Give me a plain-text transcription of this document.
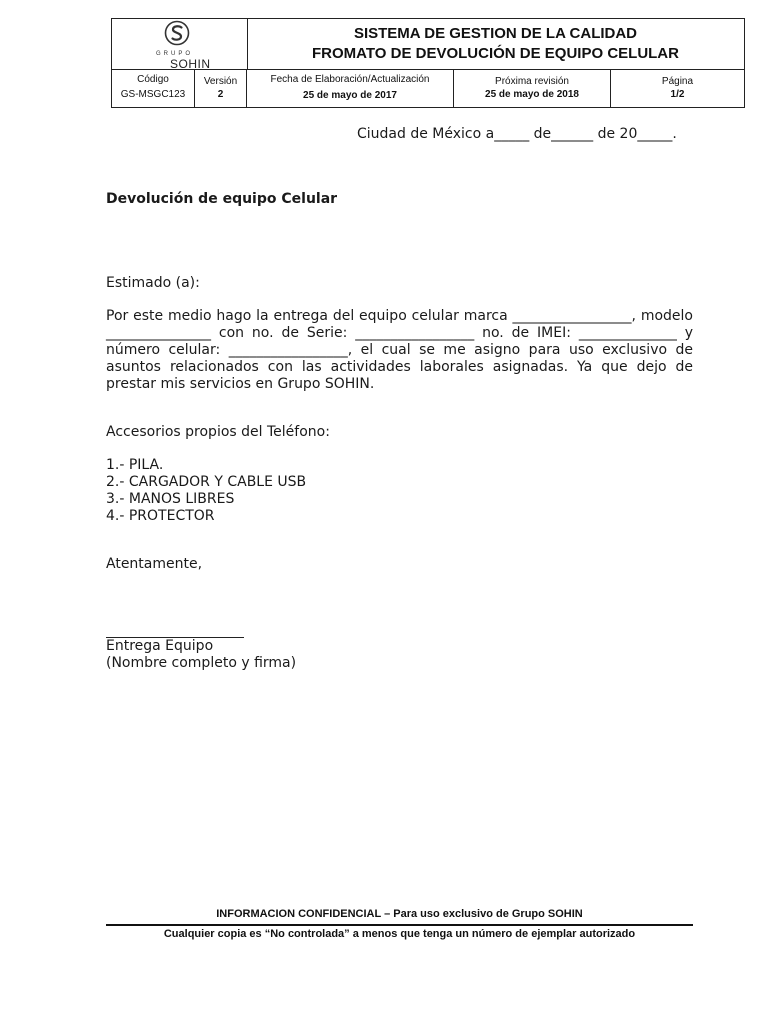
GRUPO
SOHIN
SISTEMA DE GESTION DE LA CALIDAD
FROMATO DE DEVOLUCIÓN DE EQUIPO CELULAR
Código
GS-MSGC123
Versión
2
Fecha de Elaboración/Actualización
25 de mayo de 2017
Próxima revisión
25 de mayo de 2018
Página
1/2
Ciudad de México a_____ de______ de 20_____.
Devolución de equipo Celular
Estimado (a):
Por este medio hago la entrega del equipo celular marca _________________, modelo _______________ con no. de Serie: _________________ no. de IMEI: ______________ y número celular: _________________, el cual se me asigno para uso exclusivo de asuntos relacionados con las actividades laborales asignadas. Ya que dejo de prestar mis servicios en Grupo SOHIN.
Accesorios propios del Teléfono:
1.- PILA.
2.- CARGADOR Y CABLE USB
3.- MANOS LIBRES
4.- PROTECTOR
Atentamente,
Entrega Equipo
(Nombre completo y firma)
INFORMACION CONFIDENCIAL – Para uso exclusivo de Grupo SOHIN
Cualquier copia es “No controlada” a menos que tenga un número de ejemplar autorizado
